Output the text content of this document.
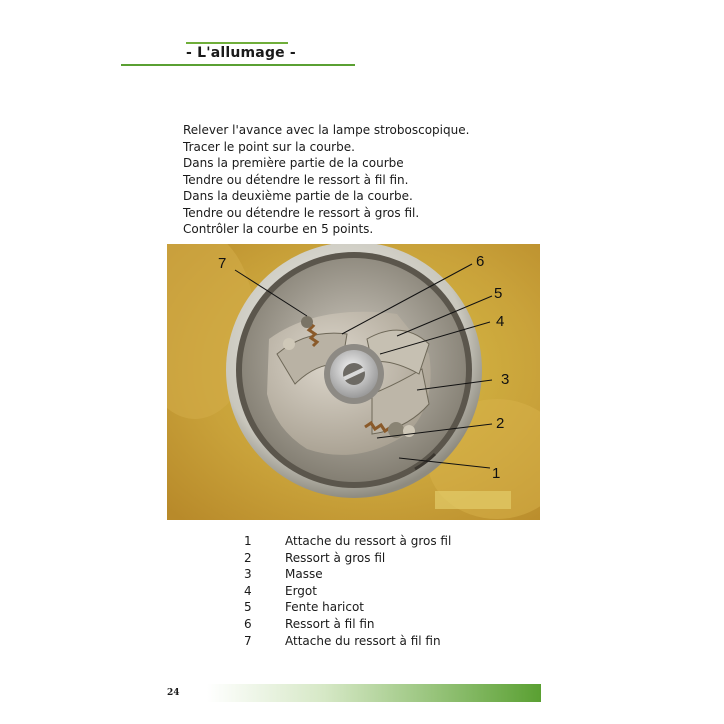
- L'allumage -
Relever l'avance avec la lampe stroboscopique.
Tracer le point sur la courbe.
Dans la première partie de la courbe
Tendre ou détendre le ressort à fil fin.
Dans la deuxième partie de la courbe.
Tendre ou détendre le ressort à gros fil.
Contrôler la courbe en 5 points.
7	6
5
4
3
2
1
1	Attache du ressort à gros fil
2	Ressort à gros fil
3	Masse
4	Ergot
5	Fente haricot
6	Ressort à fil fin
7	Attache du ressort à fil fin
24
